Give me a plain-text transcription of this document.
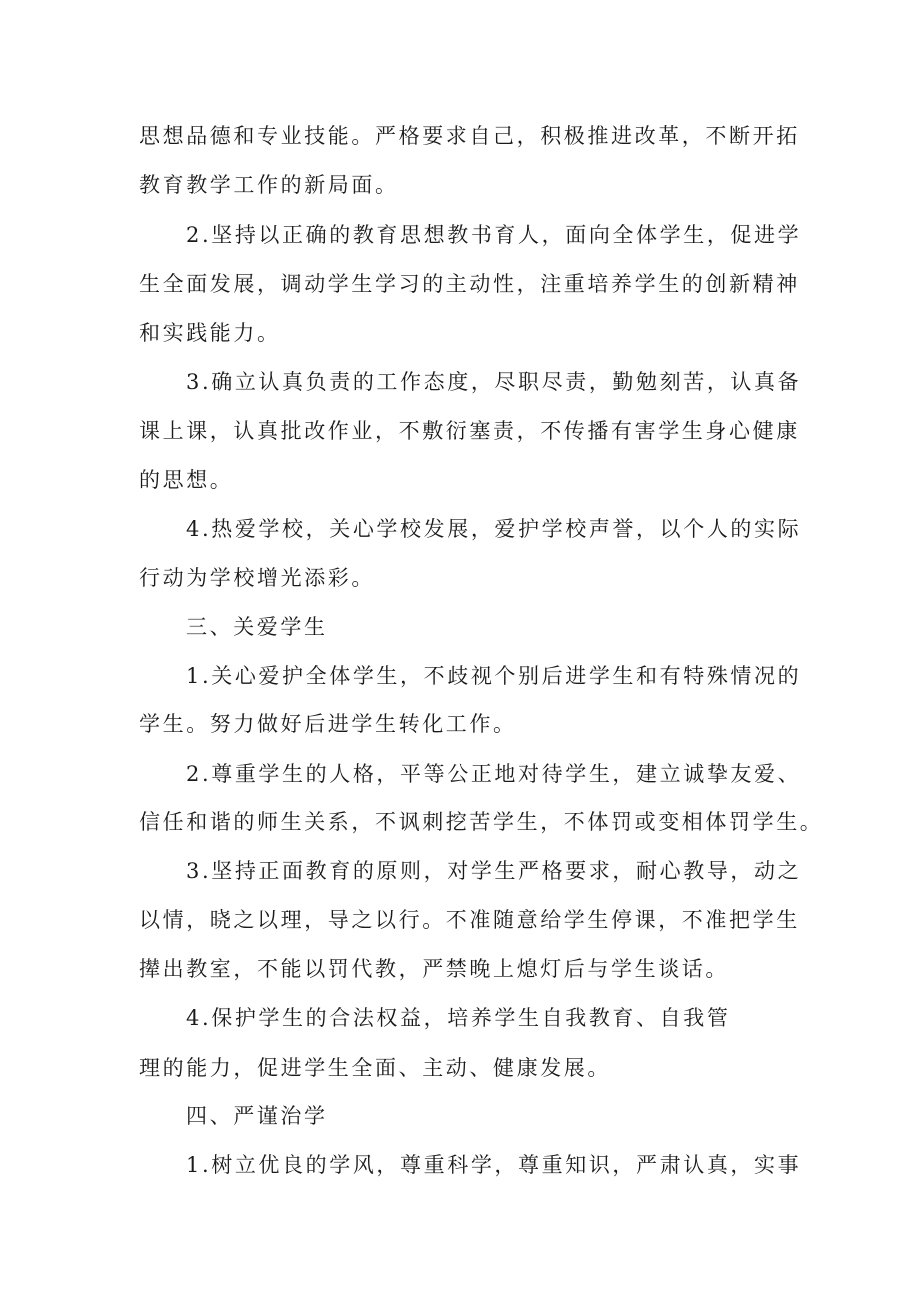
思想品德和专业技能。严格要求自己，积极推进改革，不断开拓
教育教学工作的新局面。
2.坚持以正确的教育思想教书育人，面向全体学生，促进学
生全面发展，调动学生学习的主动性，注重培养学生的创新精神
和实践能力。
3.确立认真负责的工作态度，尽职尽责，勤勉刻苦，认真备
课上课，认真批改作业，不敷衍塞责，不传播有害学生身心健康
的思想。
4.热爱学校，关心学校发展，爱护学校声誉，以个人的实际
行动为学校增光添彩。
三、关爱学生
1.关心爱护全体学生，不歧视个别后进学生和有特殊情况的
学生。努力做好后进学生转化工作。
2.尊重学生的人格，平等公正地对待学生，建立诚挚友爱、
信任和谐的师生关系，不讽刺挖苦学生，不体罚或变相体罚学生。
3.坚持正面教育的原则，对学生严格要求，耐心教导，动之
以情，晓之以理，导之以行。不准随意给学生停课，不准把学生
撵出教室，不能以罚代教，严禁晚上熄灯后与学生谈话。
4.保护学生的合法权益，培养学生自我教育、自我管
理的能力，促进学生全面、主动、健康发展。
四、严谨治学
1.树立优良的学风，尊重科学，尊重知识，严肃认真，实事
